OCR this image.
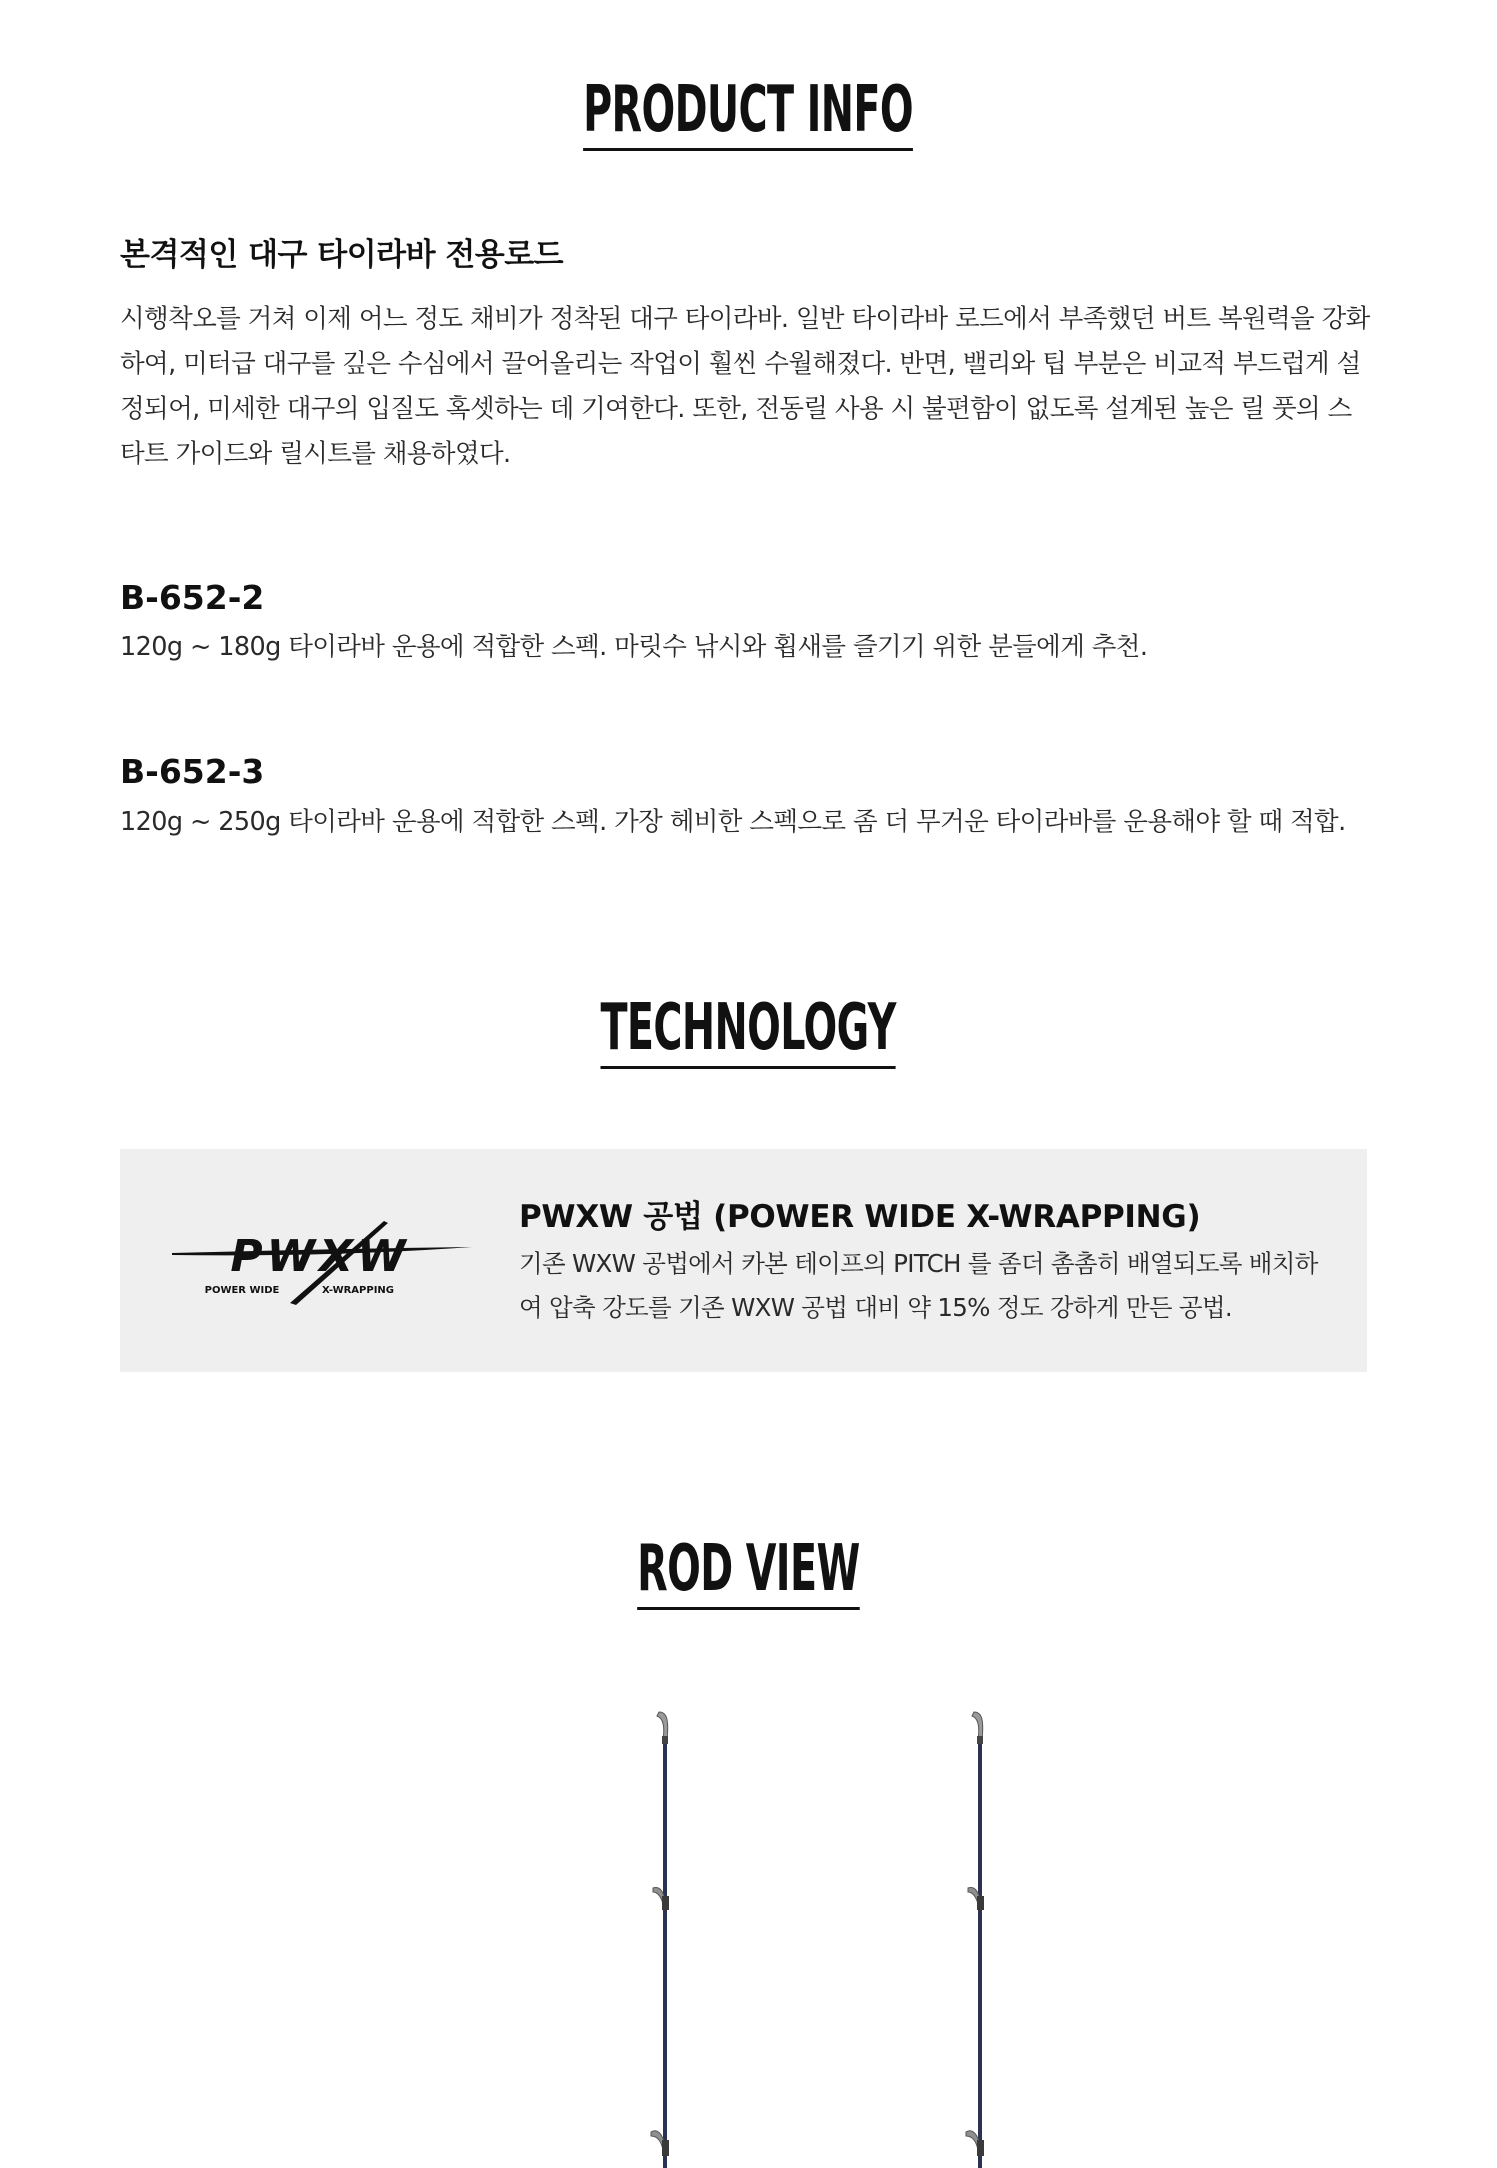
PRODUCT INFO
본격적인 대구 타이라바 전용로드

시행착오를 거쳐 이제 어느 정도 채비가 정착된 대구 타이라바. 일반 타이라바 로드에서 부족했던 버트 복원력을 강화하여, 미터급 대구를 깊은 수심에서 끌어올리는 작업이 훨씬 수월해졌다. 반면, 밸리와 팁 부분은 비교적 부드럽게 설정되어, 미세한 대구의 입질도 혹셋하는 데 기여한다. 또한, 전동릴 사용 시 불편함이 없도록 설계된 높은 릴 풋의 스타트 가이드와 릴시트를 채용하였다.

B-652-2

120g ~ 180g 타이라바 운용에 적합한 스펙. 마릿수 낚시와 횝새를 즐기기 위한 분들에게 추천.

B-652-3

120g ~ 250g 타이라바 운용에 적합한 스펙. 가장 헤비한 스펙으로 좀 더 무거운 타이라바를 운용해야 할 때 적합.

TECHNOLOGY
PWXW
POWER WIDE	X-WRAPPING
PWXW 공법 (POWER WIDE X-WRAPPING)

기존 WXW 공법에서 카본 테이프의 PITCH 를 좀더 촘촘히 배열되도록 배치하여 압축 강도를 기존 WXW 공법 대비 약 15% 정도 강하게 만든 공법.

ROD VIEW
